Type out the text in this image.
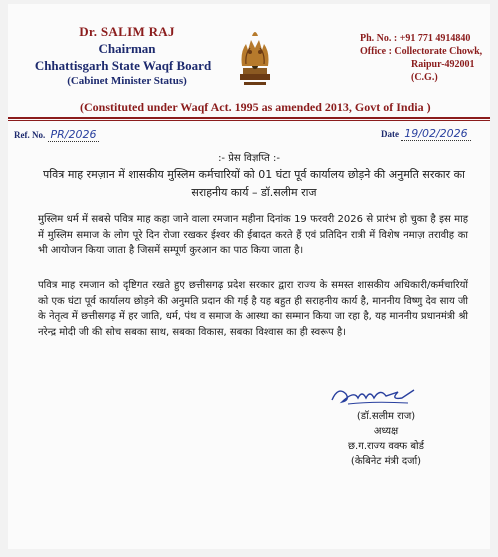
Dr. SALIM RAJ
Chairman
Chhattisgarh State Waqf Board
(Cabinet Minister Status)
Ph. No. : +91 771 4914840
Office : Collectorate Chowk,
Raipur-492001 (C.G.)
(Constituted under Waqf Act. 1995 as amended 2013, Govt of India )
Ref. No. PR/2026	Date 19/02/2026
:- प्रेस विज्ञप्ति :-
पवित्र माह रमज़ान में शासकीय मुस्लिम कर्मचारियों को 01 घंटा पूर्व कार्यालय छोड़ने की अनुमति सरकार का सराहनीय कार्य – डॉ.सलीम राज
मुस्लिम धर्म में सबसे पवित्र माह कहा जाने वाला रमजान महीना दिनांक 19 फरवरी 2026 से प्रारंभ हो चुका है इस माह में मुस्लिम समाज के लोग पूरे दिन रोजा रखकर ईश्वर की ईबादत करते हैं एवं प्रतिदिन रात्री में विशेष नमाज़ तरावीह का भी आयोजन किया जाता है जिसमें सम्पूर्ण कुरआन का पाठ किया जाता है।
पवित्र माह रमजान को दृष्टिगत रखते हुए छत्तीसगढ़ प्रदेश सरकार द्वारा राज्य के समस्त शासकीय अधिकारी/कर्मचारियों को एक घंटा पूर्व कार्यालय छोड़ने की अनुमति प्रदान की गई है यह बहुत ही सराहनीय कार्य है, माननीय विष्णु देव साय जी के नेतृत्व में छत्तीसगढ़ में हर जाति, धर्म, पंथ व समाज के आस्था का सम्मान किया जा रहा है, यह माननीय प्रधानमंत्री श्री नरेन्द्र मोदी जी की सोच सबका साथ, सबका विकास, सबका विश्वास का ही स्वरूप है।
(डॉ.सलीम राज)
अध्यक्ष
छ.ग.राज्य वक्फ बोर्ड
(केबिनेट मंत्री दर्जा)
